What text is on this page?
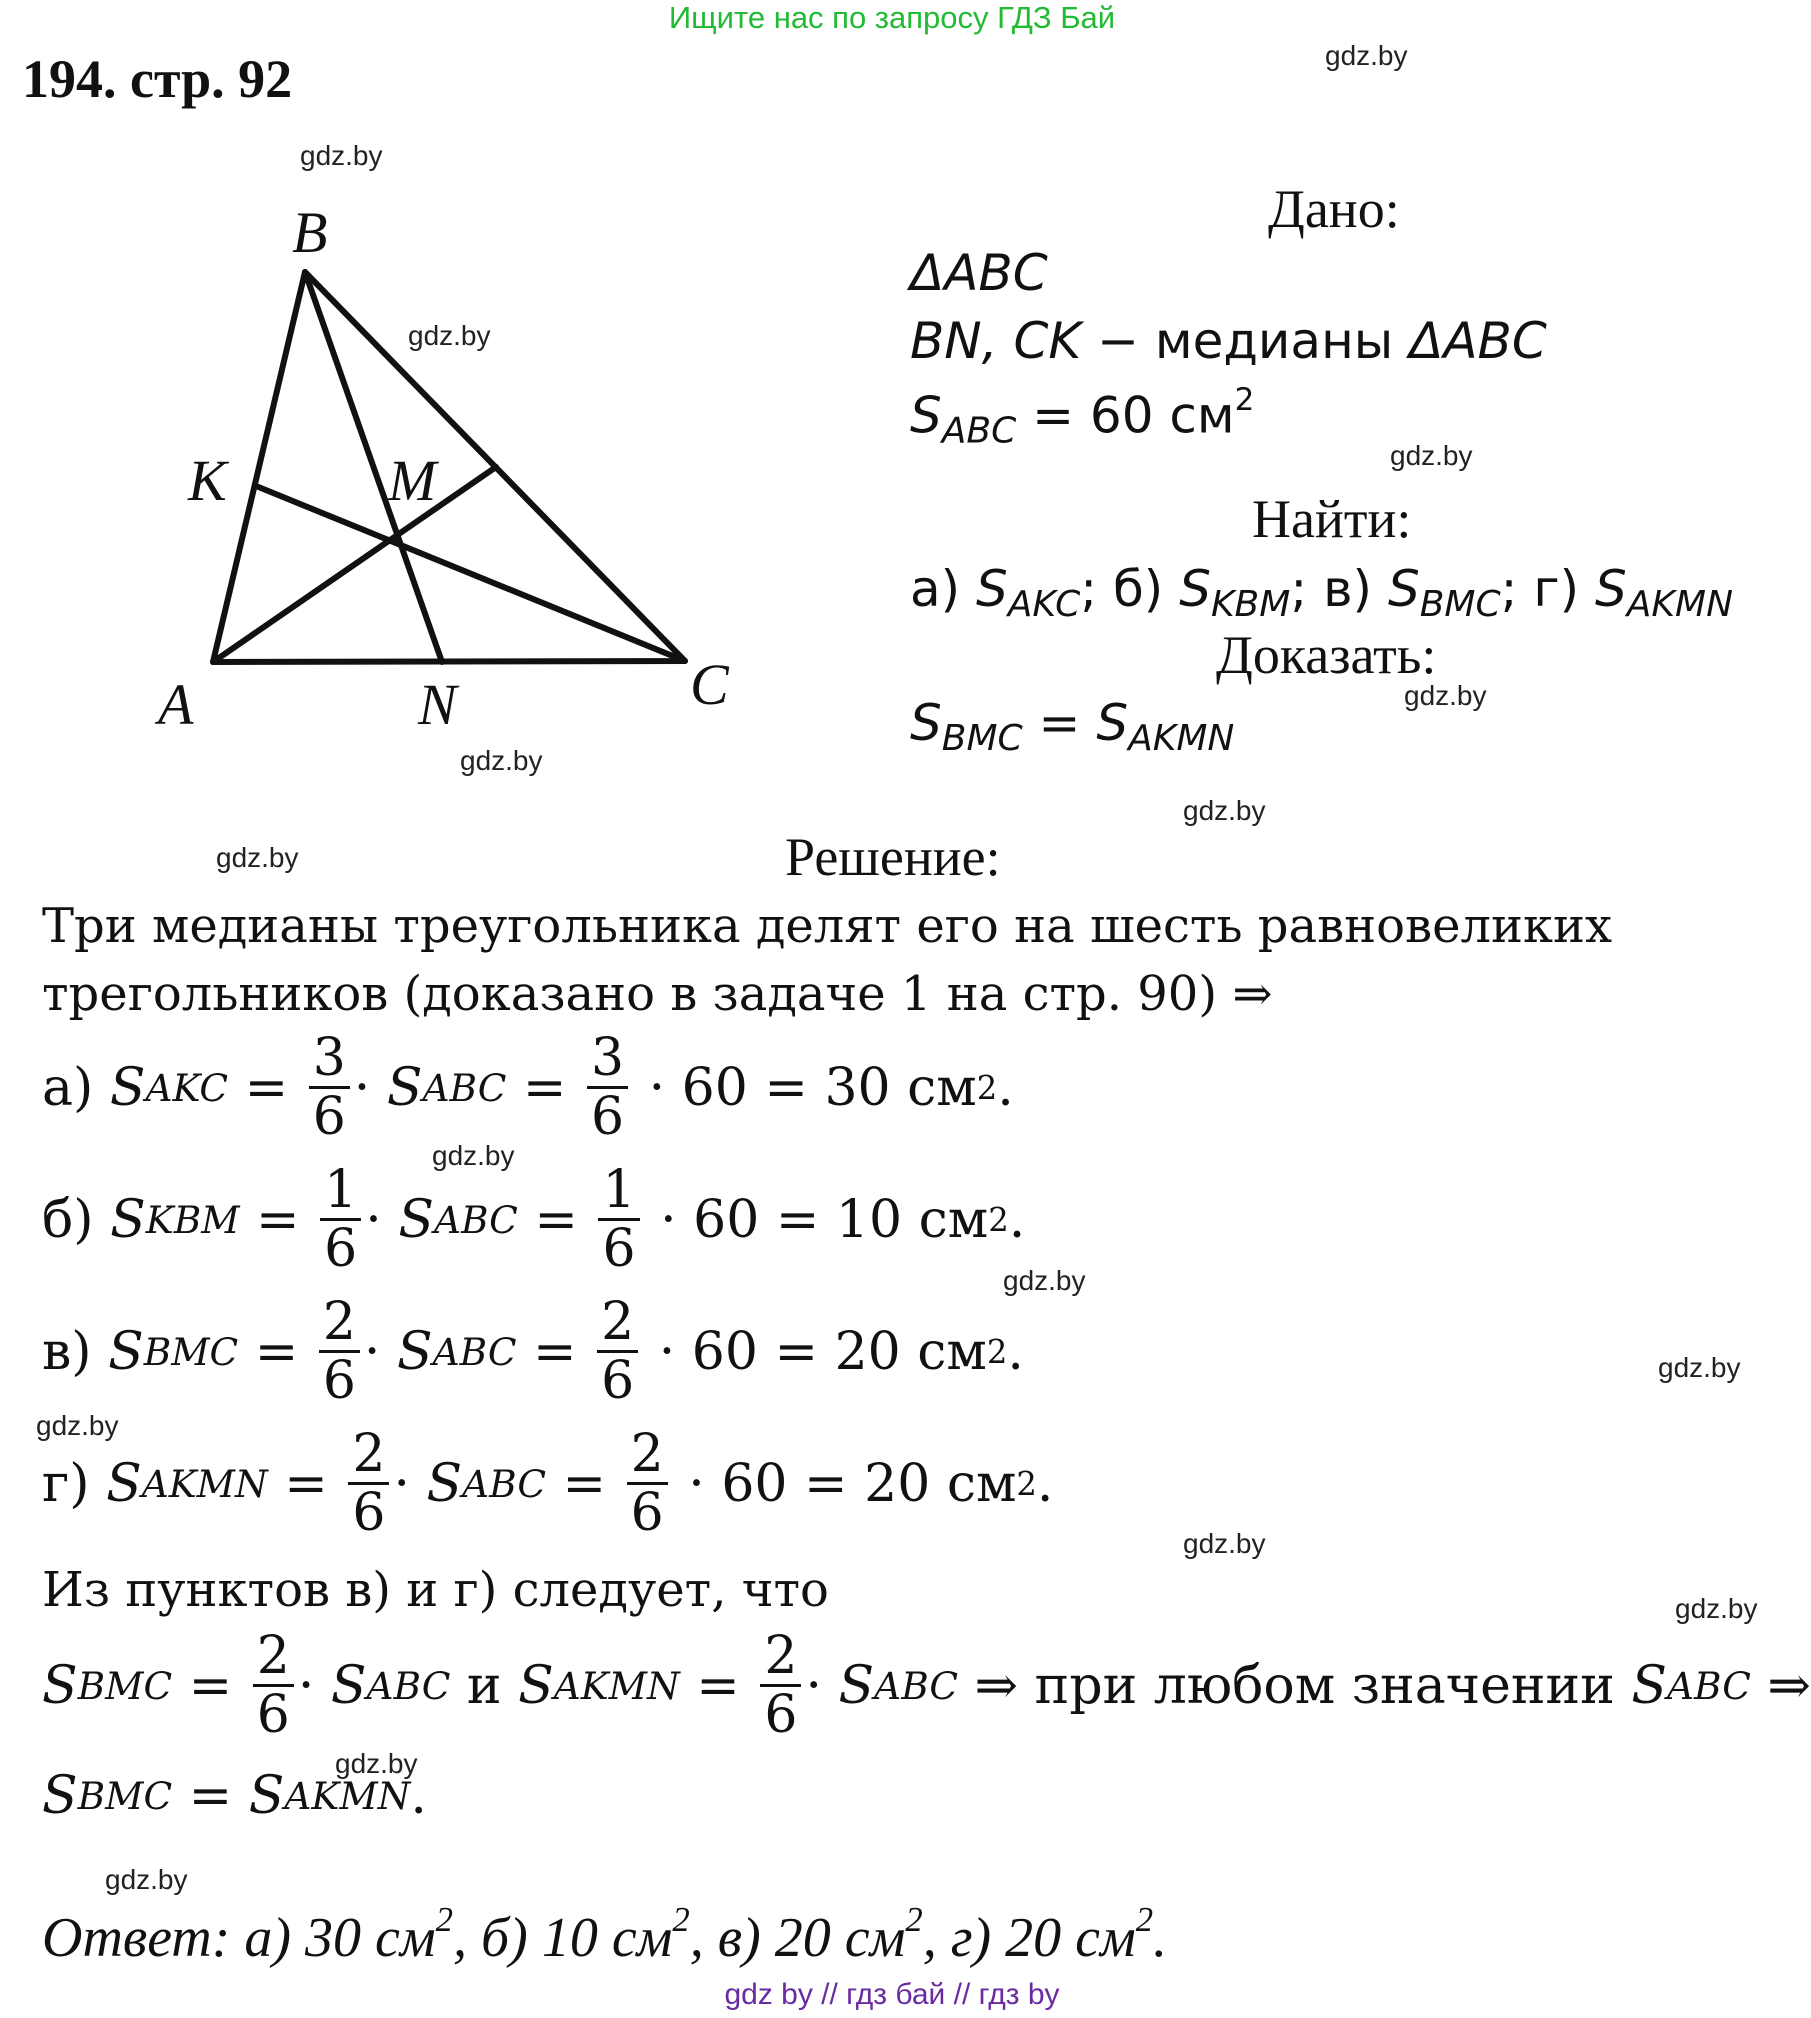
Ищите нас по запросу ГДЗ Бай
194. стр. 92	gdz.by
gdz.by
gdz.by
gdz.by
gdz.by
gdz.by
gdz.by
gdz.by
gdz.by
gdz.by
gdz.by
gdz.by
gdz.by
gdz.by
gdz.by
gdz.by
B
K	M
A	N	C
Дано:
ΔABC
BN, CK − медианы ΔABC
$S_{ABC} = 60$ $см^2$
Найти:
а) $S_{AKC}$; б) $S_{KBM}$; в) $S_{BMC}$; г) $S_{AKMN}$
Доказать:
$S_{BMC} = S_{AKMN}$
Решение:
Три медианы треугольника делят его на шесть равновеликих
трегольников (доказано в задаче 1 на стр. 90) ⇒
а) S AKC = $\frac{3}{6} \cdot S$ ABC = $\frac{3}{6} \cdot 60 = 30$ см 2 .
б) S KBM = $\frac{1}{6} \cdot S$ ABC = $\frac{1}{6} \cdot 60 = 10$ см 2 .
в) S BMC = $\frac{2}{6} \cdot S$ ABC = $\frac{2}{6} \cdot 60 = 20$ см 2 .
г) S AKMN = $\frac{2}{6} \cdot S$ ABC = $\frac{2}{6} \cdot 60 = 20$ см 2 .
Из пунктов в) и г) следует, что
S BMC = $\frac{2}{6} \cdot S$ ABC и S AKMN = $\frac{2}{6} \cdot S$ ABC ⇒ при любом значении S ABC ⇒
S BMC = S AKMN .
Ответ: а) 30 $см^2$, б) 10 $см^2$, в) 20 $см^2$, г) 20 $см^2$.
gdz by // гдз бай // гдз by
